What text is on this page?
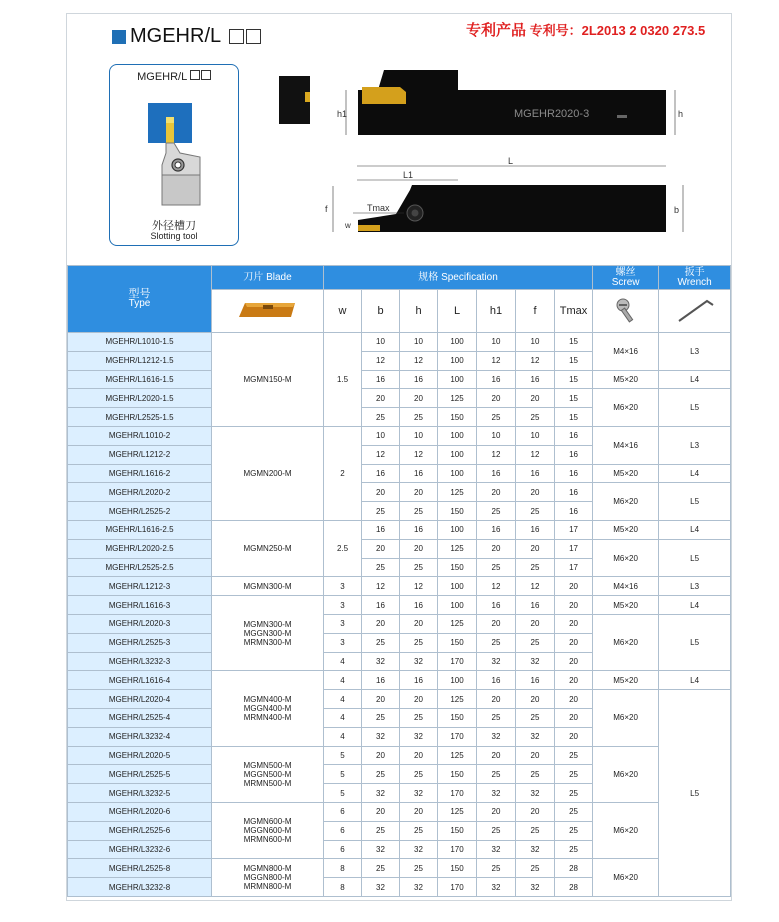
MGEHR/L
	专利产品 专利号：2L2013 2 0320 273.5
MGEHR/L
外径槽刀
Slotting tool
MGEHR2020-3
h1	h
L
L1
Tmax
f
w
b
型号
Type	刀片 Blade	规格 Specification							螺丝
Screw	扳手
Wrench
	w	b	h	L	h1	f	Tmax		
MGEHR/L1010-1.5	MGMN150-M	1.5	10	10	100	10	10	15	M4×16	L3
MGEHR/L1212-1.5			12	12	100	12	12	15		
MGEHR/L1616-1.5			16	16	100	16	16	15	M5×20	L4
MGEHR/L2020-1.5			20	20	125	20	20	15	M6×20	L5
MGEHR/L2525-1.5			25	25	150	25	25	15		
MGEHR/L1010-2	MGMN200-M	2	10	10	100	10	10	16	M4×16	L3
MGEHR/L1212-2			12	12	100	12	12	16		
MGEHR/L1616-2			16	16	100	16	16	16	M5×20	L4
MGEHR/L2020-2			20	20	125	20	20	16	M6×20	L5
MGEHR/L2525-2			25	25	150	25	25	16		
MGEHR/L1616-2.5	MGMN250-M	2.5	16	16	100	16	16	17	M5×20	L4
MGEHR/L2020-2.5			20	20	125	20	20	17	M6×20	L5
MGEHR/L2525-2.5			25	25	150	25	25	17		
MGEHR/L1212-3	MGMN300-M	3	12	12	100	12	12	20	M4×16	L3
MGEHR/L1616-3	MGMN300-M
MGGN300-M
MRMN300-M	3	16	16	100	16	16	20	M5×20	L4
MGEHR/L2020-3		3	20	20	125	20	20	20	M6×20	L5
MGEHR/L2525-3		3	25	25	150	25	25	20		
MGEHR/L3232-3		4	32	32	170	32	32	20		
MGEHR/L1616-4	MGMN400-M
MGGN400-M
MRMN400-M	4	16	16	100	16	16	20	M5×20	L4
MGEHR/L2020-4		4	20	20	125	20	20	20	M6×20	L5
MGEHR/L2525-4		4	25	25	150	25	25	20		
MGEHR/L3232-4		4	32	32	170	32	32	20		
MGEHR/L2020-5	MGMN500-M
MGGN500-M
MRMN500-M	5	20	20	125	20	20	25	M6×20	
MGEHR/L2525-5		5	25	25	150	25	25	25		
MGEHR/L3232-5		5	32	32	170	32	32	25		
MGEHR/L2020-6	MGMN600-M
MGGN600-M
MRMN600-M	6	20	20	125	20	20	25	M6×20	
MGEHR/L2525-6		6	25	25	150	25	25	25		
MGEHR/L3232-6		6	32	32	170	32	32	25		
MGEHR/L2525-8	MGMN800-M
MGGN800-M
MRMN800-M	8	25	25	150	25	25	28	M6×20	
MGEHR/L3232-8		8	32	32	170	32	32	28		
